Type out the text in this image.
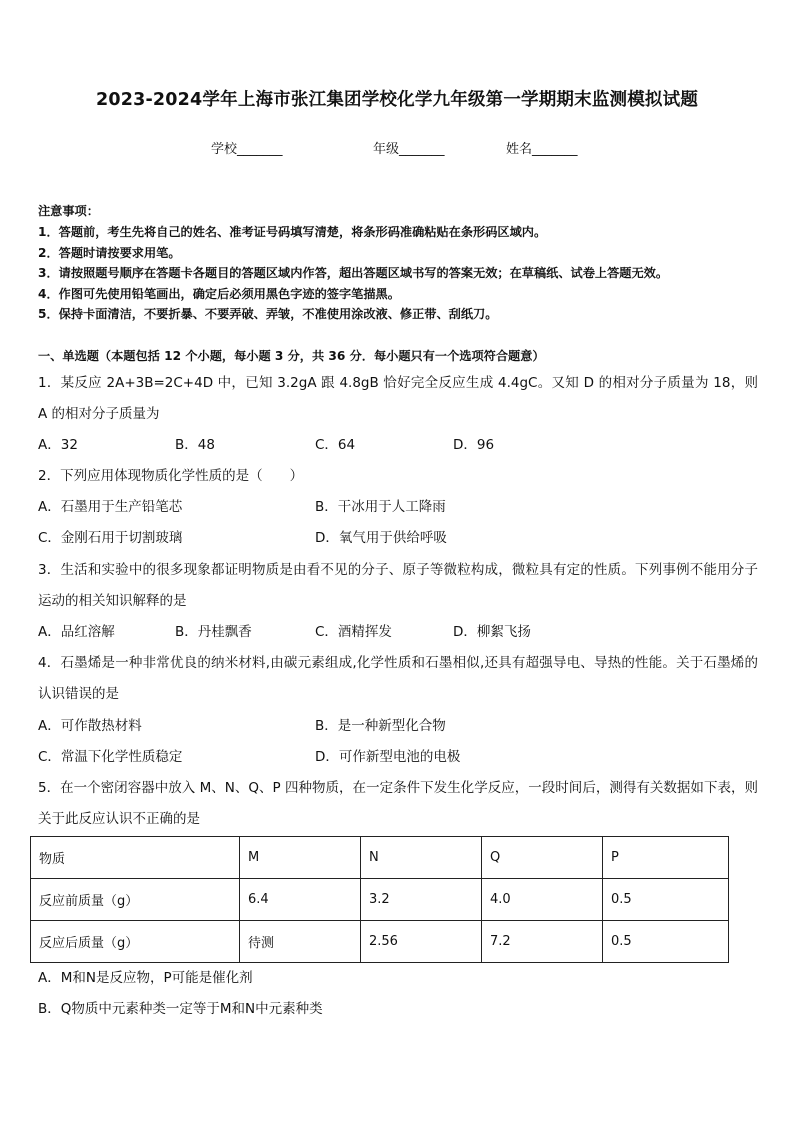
2023-2024学年上海市张江集团学校化学九年级第一学期期末监测模拟试题
学校_______	年级_______	姓名_______
注意事项：
1．答题前，考生先将自己的姓名、准考证号码填写清楚，将条形码准确粘贴在条形码区域内。
2．答题时请按要求用笔。
3．请按照题号顺序在答题卡各题目的答题区域内作答，超出答题区域书写的答案无效；在草稿纸、试卷上答题无效。
4．作图可先使用铅笔画出，确定后必须用黑色字迹的签字笔描黑。
5．保持卡面清洁，不要折暴、不要弄破、弄皱，不准使用涂改液、修正带、刮纸刀。
一、单选题（本题包括 12 个小题，每小题 3 分，共 36 分．每小题只有一个选项符合题意）
1．某反应 2A+3B=2C+4D 中，已知 3.2gA 跟 4.8gB 恰好完全反应生成 4.4gC。又知 D 的相对分子质量为 18，则 A 的相对分子质量为
A．32	B．48	C．64	D．96
2．下列应用体现物质化学性质的是（　　）
A．石墨用于生产铅笔芯	B．干冰用于人工降雨
C．金刚石用于切割玻璃	D．氧气用于供给呼吸
3．生活和实验中的很多现象都证明物质是由看不见的分子、原子等微粒构成，微粒具有定的性质。下列事例不能用分子运动的相关知识解释的是
A．品红溶解	B．丹桂飘香	C．酒精挥发	D．柳絮飞扬
4．石墨烯是一种非常优良的纳米材料,由碳元素组成,化学性质和石墨相似,还具有超强导电、导热的性能。关于石墨烯的认识错误的是
A．可作散热材料	B．是一种新型化合物
C．常温下化学性质稳定	D．可作新型电池的电极
5．在一个密闭容器中放入 M、N、Q、P 四种物质，在一定条件下发生化学反应，一段时间后，测得有关数据如下表，则关于此反应认识不正确的是
物质	M	N	Q	P
反应前质量（g）	6.4	3.2	4.0	0.5
反应后质量（g）	待测	2.56	7.2	0.5
A．M和N是反应物，P可能是催化剂
B．Q物质中元素种类一定等于M和N中元素种类
